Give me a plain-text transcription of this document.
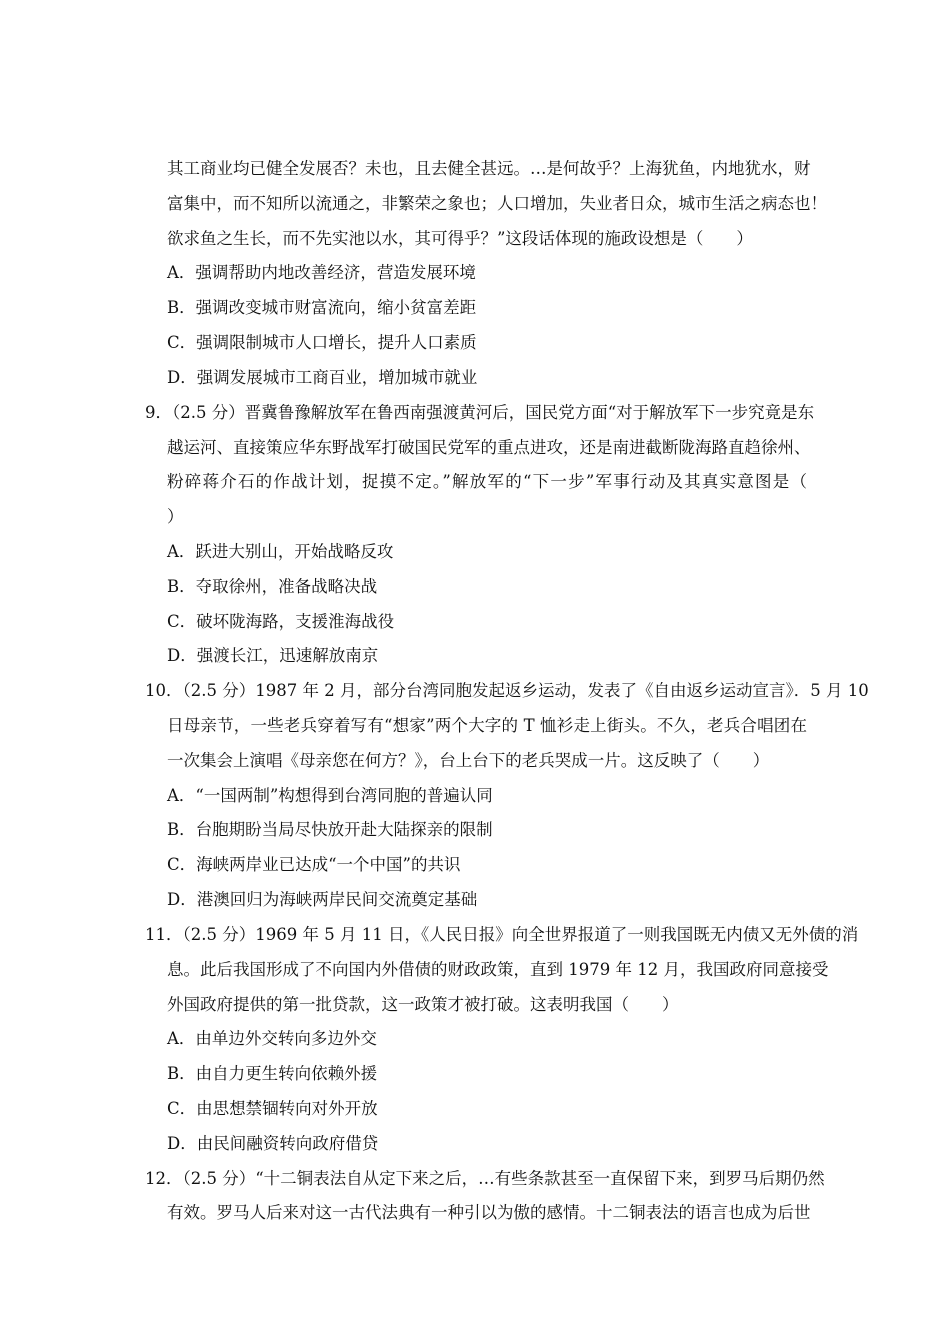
其工商业均已健全发展否？未也，且去健全甚远。…是何故乎？上海犹鱼，内地犹水，财
富集中，而不知所以流通之，非繁荣之象也；人口增加，失业者日众，城市生活之病态也！
欲求鱼之生长，而不先实池以水，其可得乎？”这段话体现的施政设想是（　　）
A．强调帮助内地改善经济，营造发展环境
B．强调改变城市财富流向，缩小贫富差距
C．强调限制城市人口增长，提升人口素质
D．强调发展城市工商百业，增加城市就业
9．（2.5 分）晋冀鲁豫解放军在鲁西南强渡黄河后，国民党方面“对于解放军下一步究竟是东
越运河、直接策应华东野战军打破国民党军的重点进攻，还是南进截断陇海路直趋徐州、
粉碎蒋介石的作战计划，捉摸不定。”解放军的“下一步”军事行动及其真实意图是（
）
A．跃进大别山，开始战略反攻
B．夺取徐州，准备战略决战
C．破坏陇海路，支援淮海战役
D．强渡长江，迅速解放南京
10．（2.5 分）1987 年 2 月，部分台湾同胞发起返乡运动，发表了《自由返乡运动宣言》．5 月 10
日母亲节，一些老兵穿着写有“想家”两个大字的 T 恤衫走上街头。不久，老兵合唱团在
一次集会上演唱《母亲您在何方？》，台上台下的老兵哭成一片。这反映了（　　）
A．“一国两制”构想得到台湾同胞的普遍认同
B．台胞期盼当局尽快放开赴大陆探亲的限制
C．海峡两岸业已达成“一个中国”的共识
D．港澳回归为海峡两岸民间交流奠定基础
11．（2.5 分）1969 年 5 月 11 日，《人民日报》向全世界报道了一则我国既无内债又无外债的消
息。此后我国形成了不向国内外借债的财政政策，直到 1979 年 12 月，我国政府同意接受
外国政府提供的第一批贷款，这一政策才被打破。这表明我国（　　）
A．由单边外交转向多边外交
B．由自力更生转向依赖外援
C．由思想禁锢转向对外开放
D．由民间融资转向政府借贷
12．（2.5 分）“十二铜表法自从定下来之后，…有些条款甚至一直保留下来，到罗马后期仍然
有效。罗马人后来对这一古代法典有一种引以为傲的感情。十二铜表法的语言也成为后世
